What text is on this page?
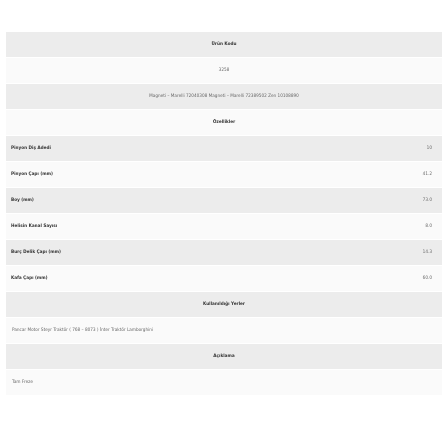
Ürün Kodu
3258
Magneti – Marelli 72040308 Magneti – Marelli 72389502 Zen 10108890
Özellikler
Pinyon Diş Adedi	10
Pinyon Çapı (mm)	41.2
Boy (mm)	73.0
Helisin Kanal Sayısı	8.0
Burç Delik Çapı (mm)	14.3
Kafa Çapı (mm)	60.0
Kullanıldığı Yerler
Pancar Motor Steyr Traktör ( 768 – 8073 ) İnter Traktör Lamborghini
Açıklama
Tam Freze
